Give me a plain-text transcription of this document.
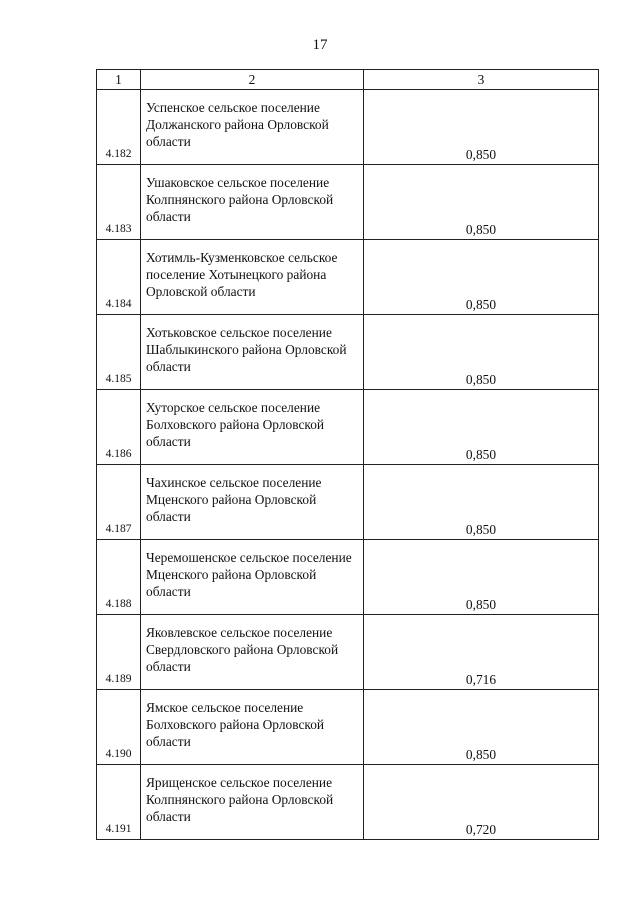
17
1	2	3
4.182	Успенское сельское поселение Должанского района Орловской области	0,850
4.183	Ушаковское сельское поселение Колпнянского района Орловской области	0,850
4.184	Хотимль-Кузменковское сельское поселение Хотынецкого района Орловской области	0,850
4.185	Хотьковское сельское поселение Шаблыкинского района Орловской области	0,850
4.186	Хуторское сельское поселение Болховского района Орловской области	0,850
4.187	Чахинское сельское поселение Мценского района Орловской области	0,850
4.188	Черемошенское сельское поселение Мценского района Орловской области	0,850
4.189	Яковлевское сельское поселение Свердловского района Орловской области	0,716
4.190	Ямское сельское поселение Болховского района Орловской области	0,850
4.191	Ярищенское сельское поселение Колпнянского района Орловской области	0,720
